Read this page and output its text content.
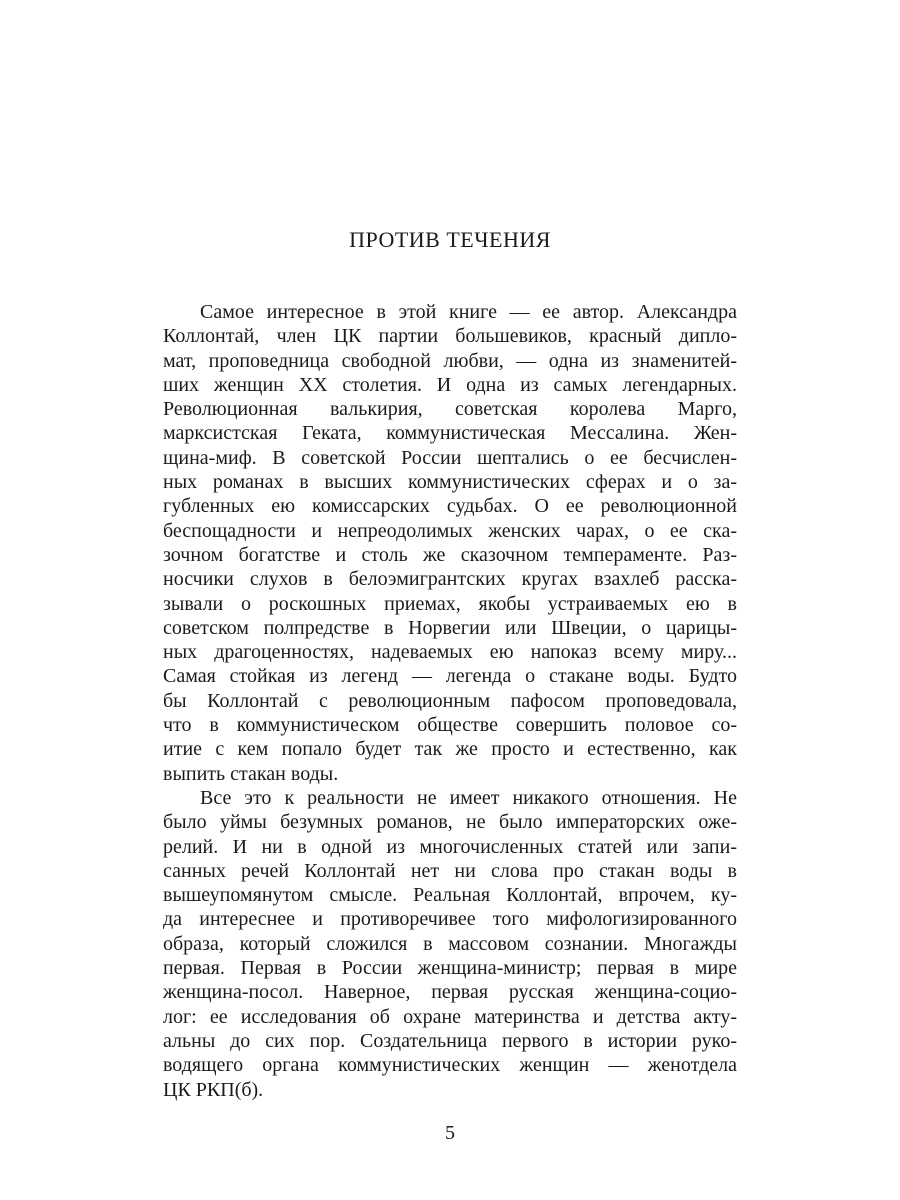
ПРОТИВ ТЕЧЕНИЯ
Самое интересное в этой книге — ее автор. Александра
Коллонтай, член ЦК партии большевиков, красный дипло-
мат, проповедница свободной любви, — одна из знаменитей-
ших женщин XX столетия. И одна из самых легендарных.
Революционная валькирия, советская королева Марго,
марксистская Геката, коммунистическая Мессалина. Жен-
щина-миф. В советской России шептались о ее бесчислен-
ных романах в высших коммунистических сферах и о за-
губленных ею комиссарских судьбах. О ее революционной
беспощадности и непреодолимых женских чарах, о ее ска-
зочном богатстве и столь же сказочном темпераменте. Раз-
носчики слухов в белоэмигрантских кругах взахлеб расска-
зывали о роскошных приемах, якобы устраиваемых ею в
советском полпредстве в Норвегии или Швеции, о царицы-
ных драгоценностях, надеваемых ею напоказ всему миру...
Самая стойкая из легенд — легенда о стакане воды. Будто
бы Коллонтай с революционным пафосом проповедовала,
что в коммунистическом обществе совершить половое со-
итие с кем попало будет так же просто и естественно, как
выпить стакан воды.
Все это к реальности не имеет никакого отношения. Не
было уймы безумных романов, не было императорских оже-
релий. И ни в одной из многочисленных статей или запи-
санных речей Коллонтай нет ни слова про стакан воды в
вышеупомянутом смысле. Реальная Коллонтай, впрочем, ку-
да интереснее и противоречивее того мифологизированного
образа, который сложился в массовом сознании. Многажды
первая. Первая в России женщина-министр; первая в мире
женщина-посол. Наверное, первая русская женщина-социо-
лог: ее исследования об охране материнства и детства акту-
альны до сих пор. Создательница первого в истории руко-
водящего органа коммунистических женщин — женотдела
ЦК РКП(б).
5
